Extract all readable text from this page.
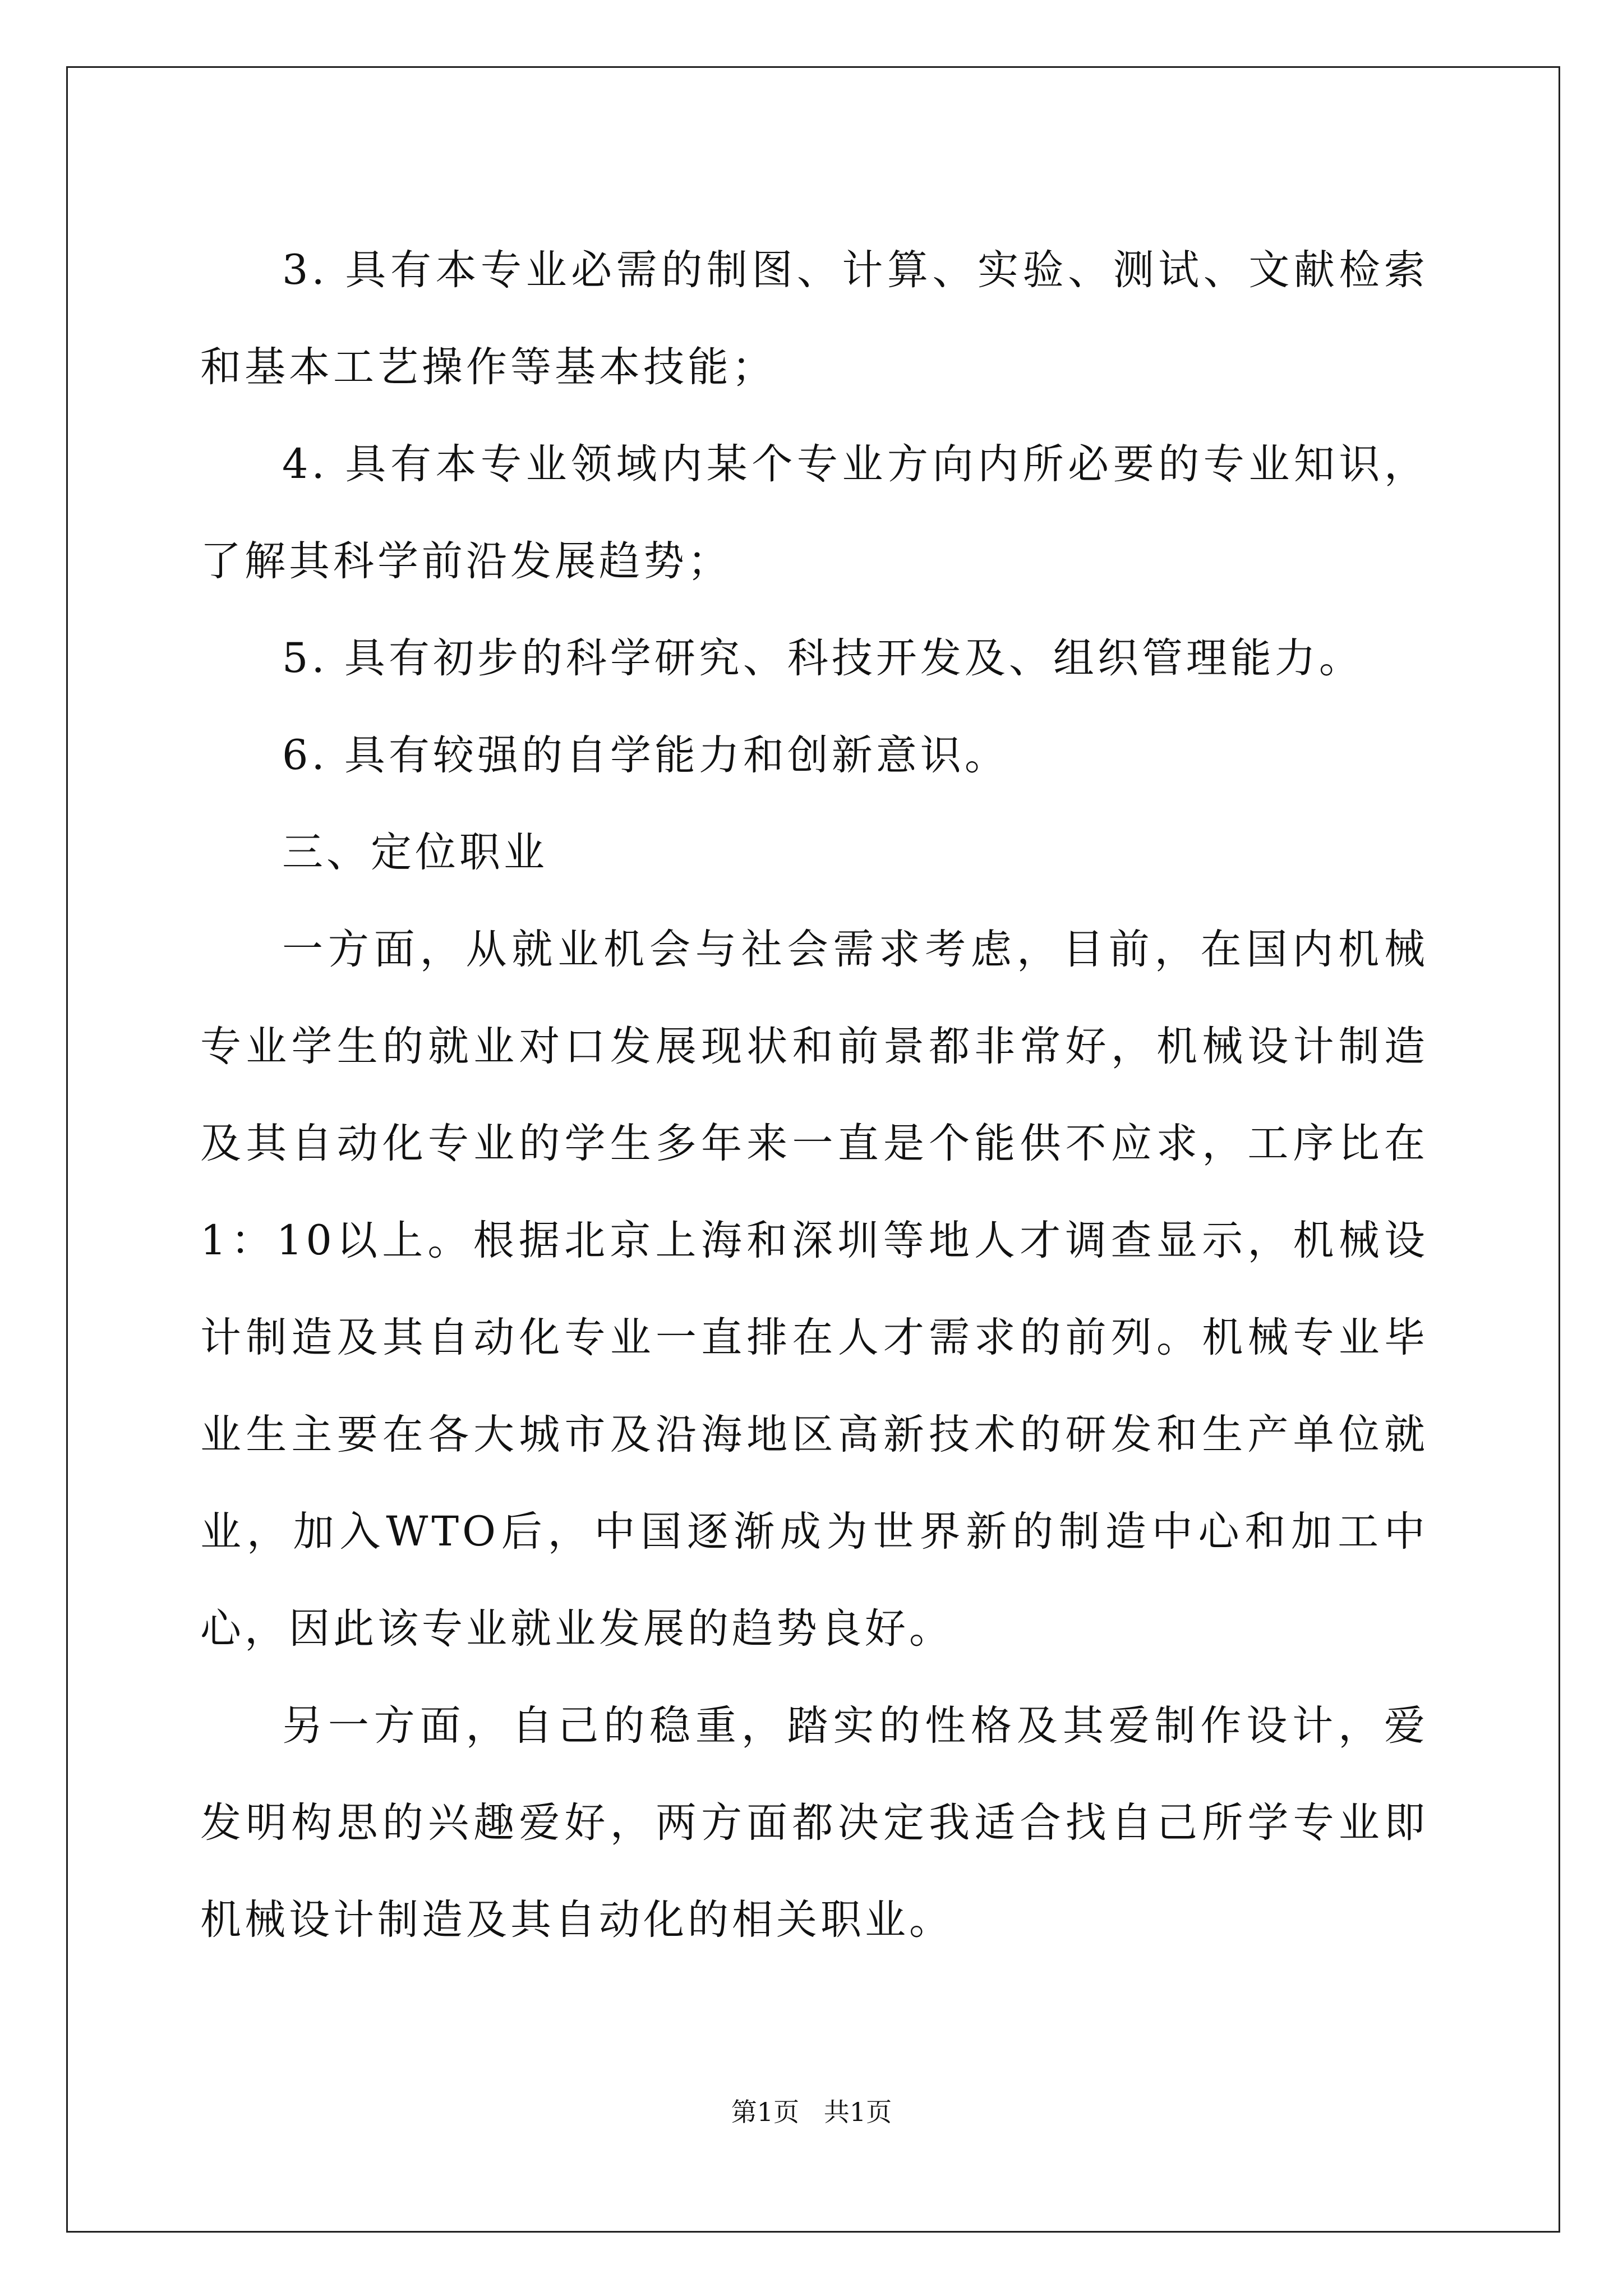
3. 具有本专业必需的制图、计算、实验、测试、文献检索和基本工艺操作等基本技能；

4. 具有本专业领域内某个专业方向内所必要的专业知识，了解其科学前沿发展趋势；

5. 具有初步的科学研究、科技开发及、组织管理能力。

6. 具有较强的自学能力和创新意识。

三、定位职业

一方面，从就业机会与社会需求考虑，目前，在国内机械专业学生的就业对口发展现状和前景都非常好，机械设计制造及其自动化专业的学生多年来一直是个能供不应求，工序比在1：10以上。根据北京上海和深圳等地人才调查显示，机械设计制造及其自动化专业一直排在人才需求的前列。机械专业毕业生主要在各大城市及沿海地区高新技术的研发和生产单位就业，加入WTO后，中国逐渐成为世界新的制造中心和加工中心，因此该专业就业发展的趋势良好。

另一方面，自己的稳重，踏实的性格及其爱制作设计，爱发明构思的兴趣爱好，两方面都决定我适合找自己所学专业即机械设计制造及其自动化的相关职业。

第1页   共1页
